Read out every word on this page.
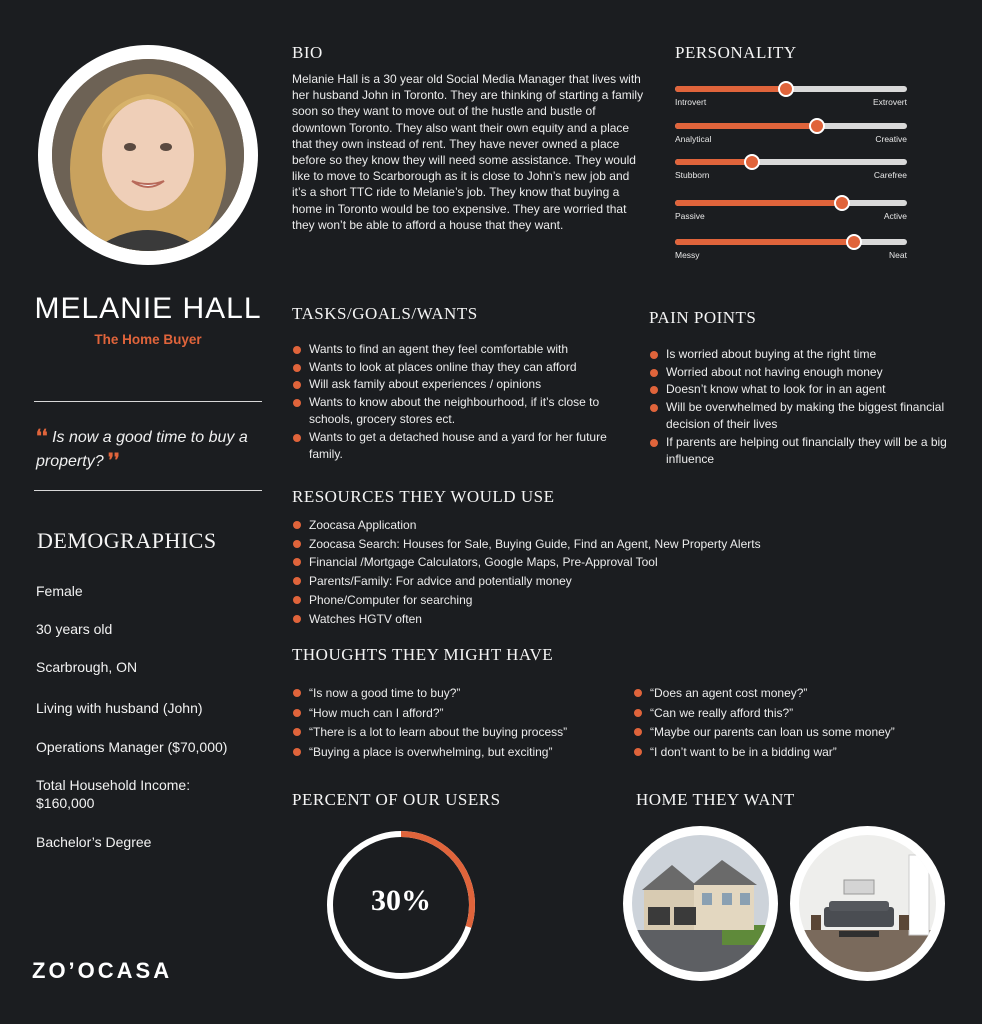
MELANIE HALL
The Home Buyer
❛❛ Is now a good time to buy a property? ❜❜
DEMOGRAPHICS
Female
30 years old
Scarbrough, ON
Living with husband (John)
Operations Manager ($70,000)
Total Household Income: $160,000
Bachelor’s Degree
ZO’OCASA
BIO
Melanie Hall is a 30 year old Social Media Manager that lives with her husband John in Toronto. They are thinking of starting a family soon so they want to move out of the hustle and bustle of downtown Toronto. They also want their own equity and a place that they own instead of rent. They have never owned a place before so they know they will need some assistance. They would like to move to Scarborough as it is close to John’s new job and it’s a short TTC ride to Melanie’s job. They know that buying a home in Toronto would be too expensive. They are worried that they won’t be able to afford a house that they want.
PERSONALITY
Introvert	Extrovert
Analytical	Creative
Stubborn	Carefree
Passive	Active
Messy	Neat
TASKS/GOALS/WANTS
Wants to find an agent they feel comfortable with
Wants to look at places online thay they can afford
Will ask family about experiences / opinions
Wants to know about the neighbourhood, if it’s close to schools, grocery stores ect.
Wants to get a detached house and a yard for her future family.
PAIN POINTS
Is worried about buying at the right time
Worried about not having enough money
Doesn’t know what to look for in an agent
Will be overwhelmed by making the biggest financial decision of their lives
If parents are helping out financially they will be a big influence
RESOURCES THEY WOULD USE
Zoocasa Application
Zoocasa Search: Houses for Sale, Buying Guide, Find an Agent, New Property Alerts
Financial /Mortgage Calculators, Google Maps, Pre-Approval Tool
Parents/Family: For advice and potentially money
Phone/Computer for searching
Watches HGTV often
THOUGHTS THEY MIGHT HAVE
“Is now a good time to buy?”
“How much can I afford?”
“There is a lot to learn about the buying process”
“Buying a place is overwhelming, but exciting”
“Does an agent cost money?”
“Can we really afford this?”
“Maybe our parents can loan us some money”
“I don’t want to be in a bidding war”
PERCENT OF OUR USERS
30%
HOME THEY WANT
